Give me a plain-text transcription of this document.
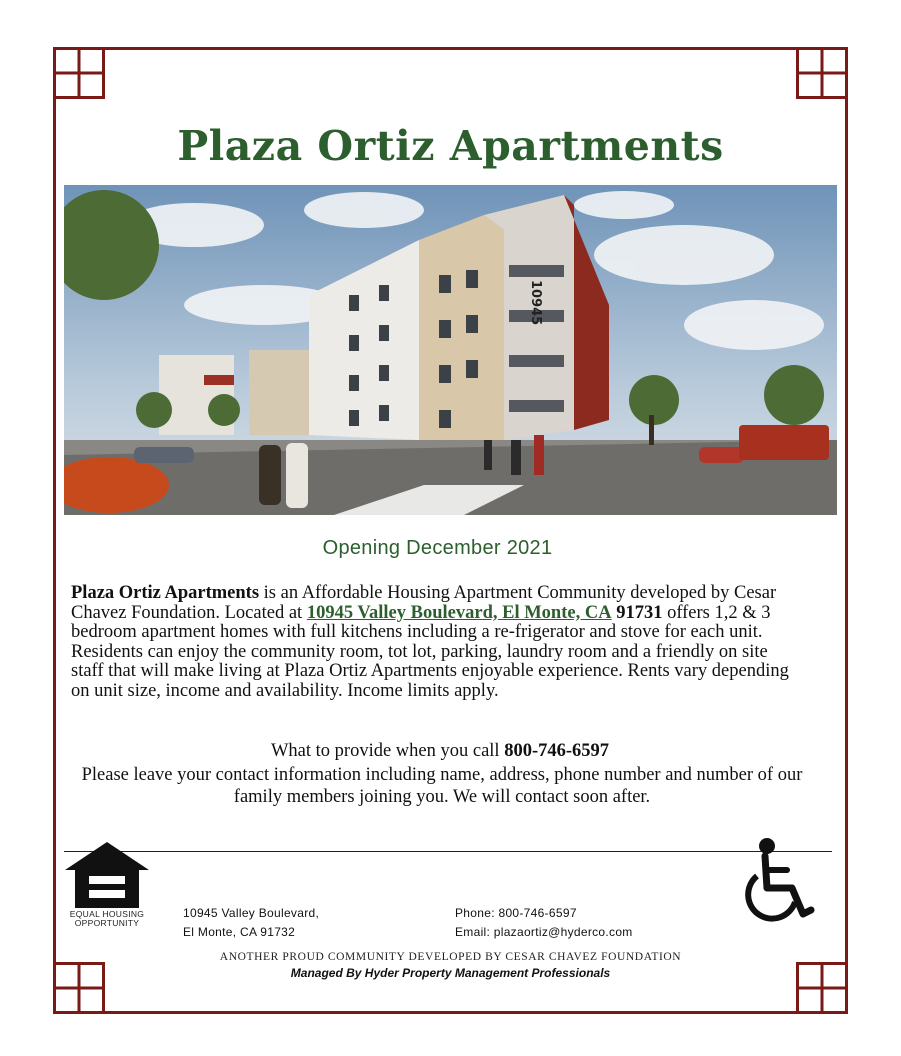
Plaza Ortiz Apartments
10945
Opening December 2021
Plaza Ortiz Apartments is an Affordable Housing Apartment Community developed by Cesar Chavez Foundation. Located at 10945 Valley Boulevard, El Monte, CA 91731 offers 1,2 & 3 bedroom apartment homes with full kitchens including a re-frigerator and stove for each unit. Residents can enjoy the community room, tot lot, parking, laundry room and a friendly on site staff that will make living at Plaza Ortiz Apartments enjoyable experience. Rents vary depending on unit size, income and availability. Income limits apply.
What to provide when you call 800-746-6597
Please leave your contact information including name, address, phone number and number of our family members joining you. We will contact soon after.
EQUAL HOUSING
OPPORTUNITY
10945 Valley Boulevard,
El Monte, CA 91732
Phone: 800-746-6597
Email: plazaortiz@hyderco.com
ANOTHER PROUD COMMUNITY DEVELOPED BY CESAR CHAVEZ FOUNDATION
Managed By Hyder Property Management Professionals
